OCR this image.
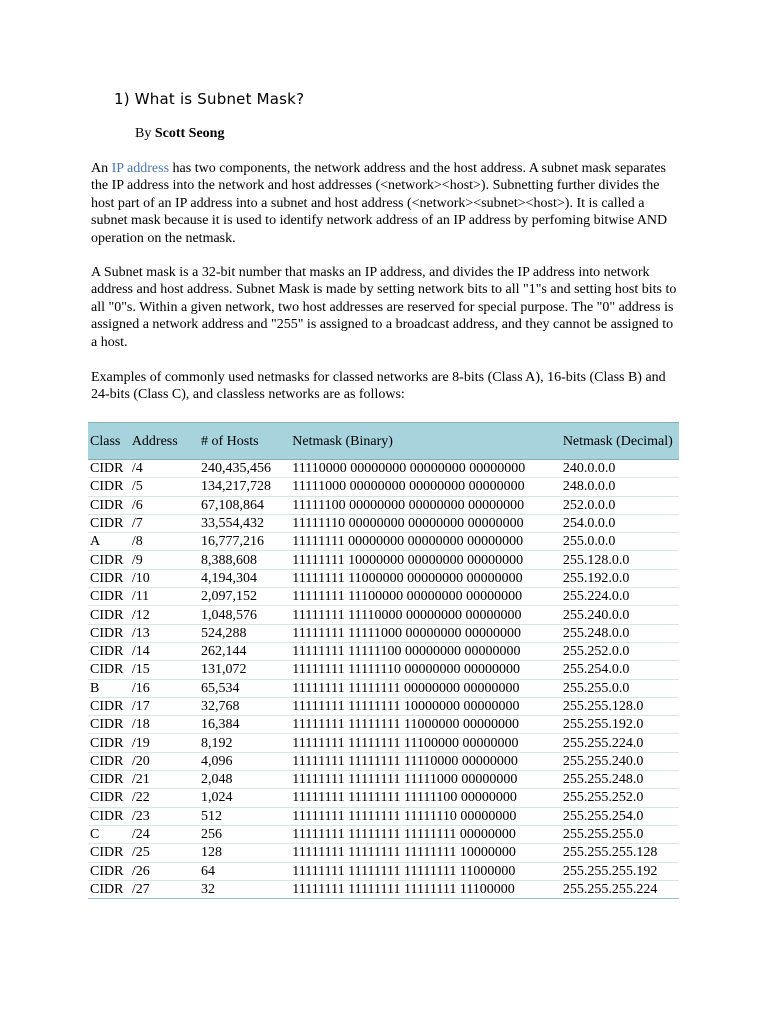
1) What is Subnet Mask?

By Scott Seong

An IP address has two components, the network address and the host address. A subnet mask separates the IP address into the network and host addresses (<network><host>). Subnetting further divides the host part of an IP address into a subnet and host address (<network><subnet><host>). It is called a subnet mask because it is used to identify network address of an IP address by perfoming bitwise AND operation on the netmask.

A Subnet mask is a 32-bit number that masks an IP address, and divides the IP address into network address and host address. Subnet Mask is made by setting network bits to all "1"s and setting host bits to all "0"s. Within a given network, two host addresses are reserved for special purpose. The "0" address is assigned a network address and "255" is assigned to a broadcast address, and they cannot be assigned to a host.

Examples of commonly used netmasks for classed networks are 8-bits (Class A), 16-bits (Class B) and 24-bits (Class C), and classless networks are as follows:

Class	Address	# of Hosts	Netmask (Binary)	Netmask (Decimal)
CIDR	/4	240,435,456	11110000 00000000 00000000 00000000	240.0.0.0
CIDR	/5	134,217,728	11111000 00000000 00000000 00000000	248.0.0.0
CIDR	/6	67,108,864	11111100 00000000 00000000 00000000	252.0.0.0
CIDR	/7	33,554,432	11111110 00000000 00000000 00000000	254.0.0.0
A	/8	16,777,216	11111111 00000000 00000000 00000000	255.0.0.0
CIDR	/9	8,388,608	11111111 10000000 00000000 00000000	255.128.0.0
CIDR	/10	4,194,304	11111111 11000000 00000000 00000000	255.192.0.0
CIDR	/11	2,097,152	11111111 11100000 00000000 00000000	255.224.0.0
CIDR	/12	1,048,576	11111111 11110000 00000000 00000000	255.240.0.0
CIDR	/13	524,288	11111111 11111000 00000000 00000000	255.248.0.0
CIDR	/14	262,144	11111111 11111100 00000000 00000000	255.252.0.0
CIDR	/15	131,072	11111111 11111110 00000000 00000000	255.254.0.0
B	/16	65,534	11111111 11111111 00000000 00000000	255.255.0.0
CIDR	/17	32,768	11111111 11111111 10000000 00000000	255.255.128.0
CIDR	/18	16,384	11111111 11111111 11000000 00000000	255.255.192.0
CIDR	/19	8,192	11111111 11111111 11100000 00000000	255.255.224.0
CIDR	/20	4,096	11111111 11111111 11110000 00000000	255.255.240.0
CIDR	/21	2,048	11111111 11111111 11111000 00000000	255.255.248.0
CIDR	/22	1,024	11111111 11111111 11111100 00000000	255.255.252.0
CIDR	/23	512	11111111 11111111 11111110 00000000	255.255.254.0
C	/24	256	11111111 11111111 11111111 00000000	255.255.255.0
CIDR	/25	128	11111111 11111111 11111111 10000000	255.255.255.128
CIDR	/26	64	11111111 11111111 11111111 11000000	255.255.255.192
CIDR	/27	32	11111111 11111111 11111111 11100000	255.255.255.224
